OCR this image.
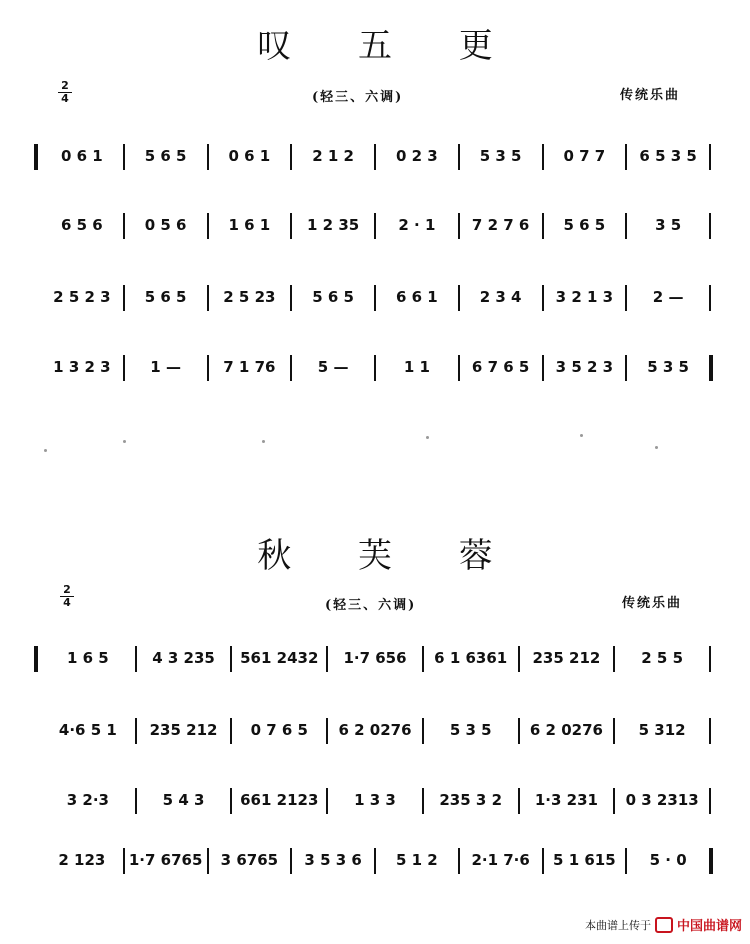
叹 五 更
$\frac{2}{4}$	(轻三、六调)	传统乐曲
0 6 1	5 6 5	0 6 1	2 1 2	0 2 3	5 3 5	0 7 7	6 5 3 5
6 5 6	0 5 6	1 6 1	1 2 35	2 · 1	7 2 7 6	5 6 5	3 5
2 5 2 3	5 6 5	2 5 23	5 6 5	6 6 1	2 3 4	3 2 1 3	2 —
1 3 2 3	1 —	7 1 76	5 —	1 1	6 7 6 5	3 5 2 3	5 3 5
秋 芙 蓉
$\frac{2}{4}$	(轻三、六调)	传统乐曲
1 6 5	4 3 235	561 2432	1·7 656	6 1 6361	235 212	2 5 5
4·6 5 1	235 212	0 7 6 5	6 2 0276	5 3 5	6 2 0276	5 312
3 2·3	5 4 3	661 2123	1 3 3	235 3 2	1·3 231	0 3 2313
2 123	1·7 6765	3 6765	3 5 3 6	5 1 2	2·1 7·6	5 1 615	5 · 0
本曲谱上传于 中国曲谱网
